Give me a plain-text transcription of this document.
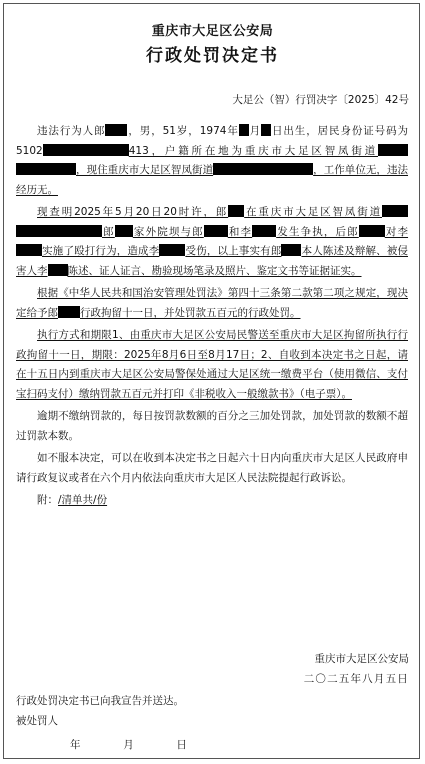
重庆市大足区公安局
行政处罚决定书
大足公（智）行罚决字〔2025〕42号

违法行为人郎 ，男，51岁，1974年 月 日出生，居民身份证号码为5102	413，户籍所在地为重庆市大足区智凤街道，现住重庆市大足区智凤街道	，工作单位无，违法经历无。

现查明2025年5月20日20时许，郎 在重庆市大足区智凤街道郎 家外院坝与郎 和李 发生争执，后郎 对李实施了殴打行为，造成李 受伤，以上事实有郎 本人陈述及辩解、被侵害人李 陈述、证人证言、勘验现场笔录及照片、鉴定文书等证据证实。

根据《中华人民共和国治安管理处罚法》第四十三条第二款第二项之规定，现决定给予郎 行政拘留十一日，并处罚款五百元的行政处罚。

执行方式和期限1、由重庆市大足区公安局民警送至重庆市大足区拘留所执行行政拘留十一日，期限：2025年8月6日至8月17日；2、自收到本决定书之日起，请在十五日内到重庆市大足区公安局警保处通过大足区统一缴费平台（使用微信、支付宝扫码支付）缴纳罚款五百元并打印《非税收入一般缴款书》（电子票）。

逾期不缴纳罚款的，每日按罚款数额的百分之三加处罚款，加处罚款的数额不超过罚款本数。

如不服本决定，可以在收到本决定书之日起六十日内向重庆市大足区人民政府申请行政复议或者在六个月内依法向重庆市大足区人民法院提起行政诉讼。

附：/清单共/份

重庆市大足区公安局
二〇二五年八月五日
行政处罚决定书已向我宣告并送达。
被处罚人
年	月	日
